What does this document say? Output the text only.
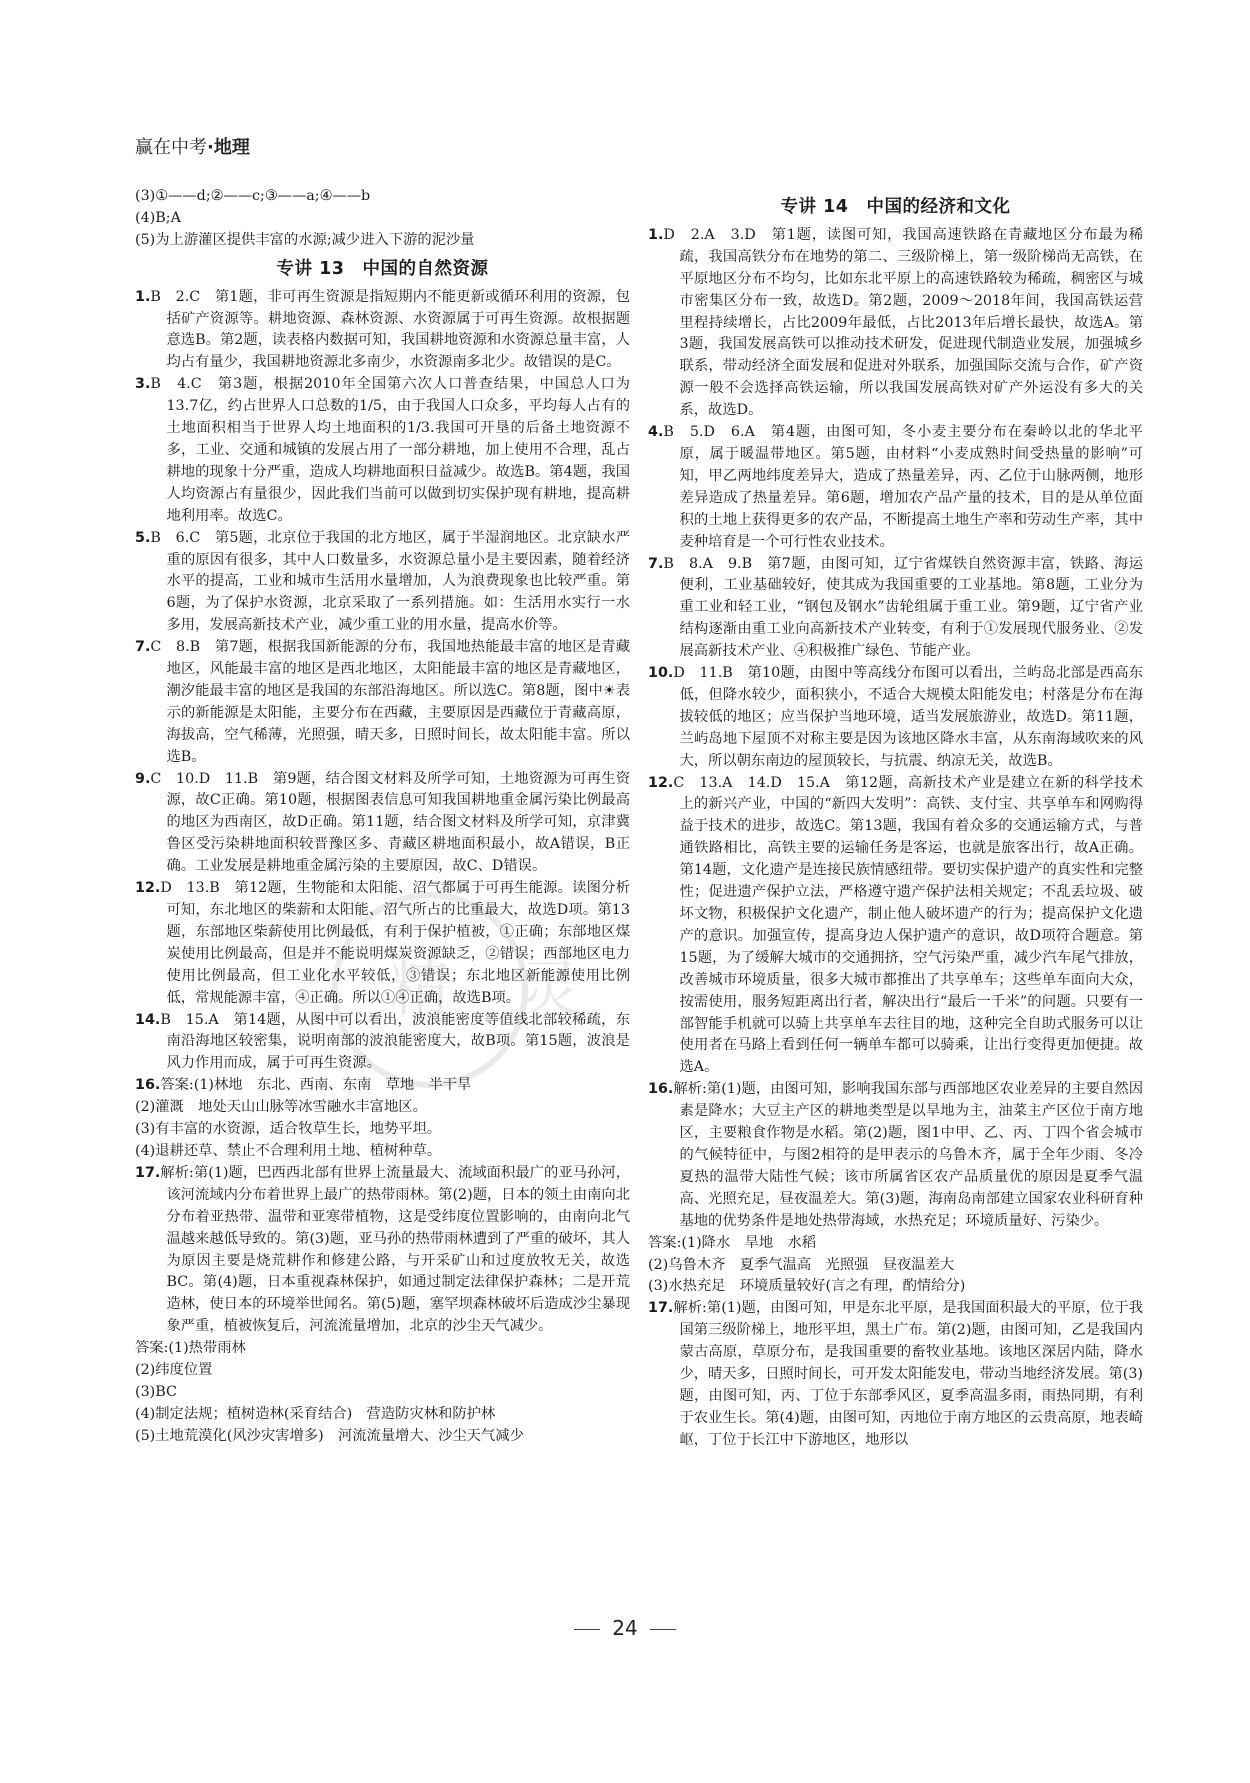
赢在中考·地理

(3)①——d;②——c;③——a;④——b

(4)B;A

(5)为上游灌区提供丰富的水源;减少进入下游的泥沙量

专讲 13　中国的自然资源

1.B　2.C　第1题，非可再生资源是指短期内不能更新或循环利用的资源，包括矿产资源等。耕地资源、森林资源、水资源属于可再生资源。故根据题意选B。第2题，读表格内数据可知，我国耕地资源和水资源总量丰富，人均占有量少，我国耕地资源北多南少，水资源南多北少。故错误的是C。

3.B　4.C　第3题，根据2010年全国第六次人口普查结果，中国总人口为13.7亿，约占世界人口总数的1/5，由于我国人口众多，平均每人占有的土地面积相当于世界人均土地面积的1/3.我国可开垦的后备土地资源不多，工业、交通和城镇的发展占用了一部分耕地，加上使用不合理，乱占耕地的现象十分严重，造成人均耕地面积日益减少。故选B。第4题，我国人均资源占有量很少，因此我们当前可以做到切实保护现有耕地，提高耕地利用率。故选C。

5.B　6.C　第5题，北京位于我国的北方地区，属于半湿润地区。北京缺水严重的原因有很多，其中人口数量多，水资源总量小是主要因素，随着经济水平的提高，工业和城市生活用水量增加，人为浪费现象也比较严重。第6题，为了保护水资源，北京采取了一系列措施。如：生活用水实行一水多用，发展高新技术产业，减少重工业的用水量，提高水价等。

7.C　8.B　第7题，根据我国新能源的分布，我国地热能最丰富的地区是青藏地区，风能最丰富的地区是西北地区，太阳能最丰富的地区是青藏地区，潮汐能最丰富的地区是我国的东部沿海地区。所以选C。第8题，图中☀表示的新能源是太阳能，主要分布在西藏，主要原因是西藏位于青藏高原，海拔高，空气稀薄，光照强，晴天多，日照时间长，故太阳能丰富。所以选B。

9.C　10.D　11.B　第9题，结合图文材料及所学可知，土地资源为可再生资源，故C正确。第10题，根据图表信息可知我国耕地重金属污染比例最高的地区为西南区，故D正确。第11题，结合图文材料及所学可知，京津冀鲁区受污染耕地面积较晋豫区多、青藏区耕地面积最小，故A错误，B正确。工业发展是耕地重金属污染的主要原因，故C、D错误。

12.D　13.B　第12题，生物能和太阳能、沼气都属于可再生能源。读图分析可知，东北地区的柴薪和太阳能、沼气所占的比重最大，故选D项。第13题，东部地区柴薪使用比例最低，有利于保护植被，①正确；东部地区煤炭使用比例最高，但是并不能说明煤炭资源缺乏，②错误；西部地区电力使用比例最高，但工业化水平较低，③错误；东北地区新能源使用比例低，常规能源丰富，④正确。所以①④正确，故选B项。

14.B　15.A　第14题，从图中可以看出，波浪能密度等值线北部较稀疏，东南沿海地区较密集，说明南部的波浪能密度大，故B项。第15题，波浪是风力作用而成，属于可再生资源。

16.答案:(1)林地　东北、西南、东南　草地　半干旱

(2)灌溉　地处天山山脉等冰雪融水丰富地区。

(3)有丰富的水资源，适合牧草生长，地势平坦。

(4)退耕还草、禁止不合理利用土地、植树种草。

17.解析:第(1)题，巴西西北部有世界上流量最大、流域面积最广的亚马孙河，该河流域内分布着世界上最广的热带雨林。第(2)题，日本的领土由南向北分布着亚热带、温带和亚寒带植物，这是受纬度位置影响的，由南向北气温越来越低导致的。第(3)题，亚马孙的热带雨林遭到了严重的破坏，其人为原因主要是烧荒耕作和修建公路，与开采矿山和过度放牧无关，故选BC。第(4)题，日本重视森林保护，如通过制定法律保护森林；二是开荒造林，使日本的环境举世闻名。第(5)题，塞罕坝森林破坏后造成沙尘暴现象严重，植被恢复后，河流流量增加，北京的沙尘天气减少。

答案:(1)热带雨林

(2)纬度位置

(3)BC

(4)制定法规；植树造林(采育结合)　营造防灾林和防护林

(5)土地荒漠化(风沙灾害增多)　河流流量增大、沙尘天气减少

专讲 14　中国的经济和文化

1.D　2.A　3.D　第1题，读图可知，我国高速铁路在青藏地区分布最为稀疏，我国高铁分布在地势的第二、三级阶梯上，第一级阶梯尚无高铁，在平原地区分布不均匀，比如东北平原上的高速铁路较为稀疏，稠密区与城市密集区分布一致，故选D。第2题，2009～2018年间，我国高铁运营里程持续增长，占比2009年最低，占比2013年后增长最快，故选A。第3题，我国发展高铁可以推动技术研发，促进现代制造业发展，加强城乡联系，带动经济全面发展和促进对外联系，加强国际交流与合作，矿产资源一般不会选择高铁运输，所以我国发展高铁对矿产外运没有多大的关系，故选D。

4.B　5.D　6.A　第4题，由图可知，冬小麦主要分布在秦岭以北的华北平原，属于暖温带地区。第5题，由材料“小麦成熟时间受热量的影响”可知，甲乙两地纬度差异大，造成了热量差异，丙、乙位于山脉两侧，地形差异造成了热量差异。第6题，增加农产品产量的技术，目的是从单位面积的土地上获得更多的农产品，不断提高土地生产率和劳动生产率，其中麦种培育是一个可行性农业技术。

7.B　8.A　9.B　第7题，由图可知，辽宁省煤铁自然资源丰富，铁路、海运便利，工业基础较好，使其成为我国重要的工业基地。第8题，工业分为重工业和轻工业，“钢包及钢水”齿轮组属于重工业。第9题，辽宁省产业结构逐渐由重工业向高新技术产业转变，有利于①发展现代服务业、②发展高新技术产业、④积极推广绿色、节能产业。

10.D　11.B　第10题，由图中等高线分布图可以看出，兰屿岛北部是西高东低，但降水较少，面积狭小，不适合大规模太阳能发电；村落是分布在海拔较低的地区；应当保护当地环境，适当发展旅游业，故选D。第11题，兰屿岛地下屋顶不对称主要是因为该地区降水丰富，从东南海域吹来的风大，所以朝东南边的屋顶较长，与抗震、纳凉无关，故选B。

12.C　13.A　14.D　15.A　第12题，高新技术产业是建立在新的科学技术上的新兴产业，中国的“新四大发明”：高铁、支付宝、共享单车和网购得益于技术的进步，故选C。第13题，我国有着众多的交通运输方式，与普通铁路相比，高铁主要的运输任务是客运，也就是旅客出行，故A正确。第14题，文化遗产是连接民族情感纽带。要切实保护遗产的真实性和完整性；促进遗产保护立法，严格遵守遗产保护法相关规定；不乱丢垃圾、破坏文物，积极保护文化遗产，制止他人破坏遗产的行为；提高保护文化遗产的意识。加强宣传，提高身边人保护遗产的意识，故D项符合题意。第15题，为了缓解大城市的交通拥挤，空气污染严重，减少汽车尾气排放，改善城市环境质量，很多大城市都推出了共享单车；这些单车面向大众，按需使用，服务短距离出行者，解决出行“最后一千米”的问题。只要有一部智能手机就可以骑上共享单车去往目的地，这种完全自助式服务可以让使用者在马路上看到任何一辆单车都可以骑乘，让出行变得更加便捷。故选A。

16.解析:第(1)题，由图可知，影响我国东部与西部地区农业差异的主要自然因素是降水；大豆主产区的耕地类型是以旱地为主，油菜主产区位于南方地区，主要粮食作物是水稻。第(2)题，图1中甲、乙、丙、丁四个省会城市的气候特征中，与图2相符的是甲表示的乌鲁木齐，属于全年少雨、冬冷夏热的温带大陆性气候；该市所属省区农产品质量优的原因是夏季气温高、光照充足，昼夜温差大。第(3)题，海南岛南部建立国家农业科研育种基地的优势条件是地处热带海域，水热充足；环境质量好、污染少。

答案:(1)降水　旱地　水稻

(2)乌鲁木齐　夏季气温高　光照强　昼夜温差大

(3)水热充足　环境质量较好(言之有理，酌情给分)

17.解析:第(1)题，由图可知，甲是东北平原，是我国面积最大的平原，位于我国第三级阶梯上，地形平坦，黑土广布。第(2)题，由图可知，乙是我国内蒙古高原，草原分布，是我国重要的畜牧业基地。该地区深居内陆，降水少，晴天多，日照时间长，可开发太阳能发电，带动当地经济发展。第(3)题，由图可知，丙、丁位于东部季风区，夏季高温多雨，雨热同期，有利于农业生长。第(4)题，由图可知，丙地位于南方地区的云贵高原，地表崎岖，丁位于长江中下游地区，地形以

精 灵
24
